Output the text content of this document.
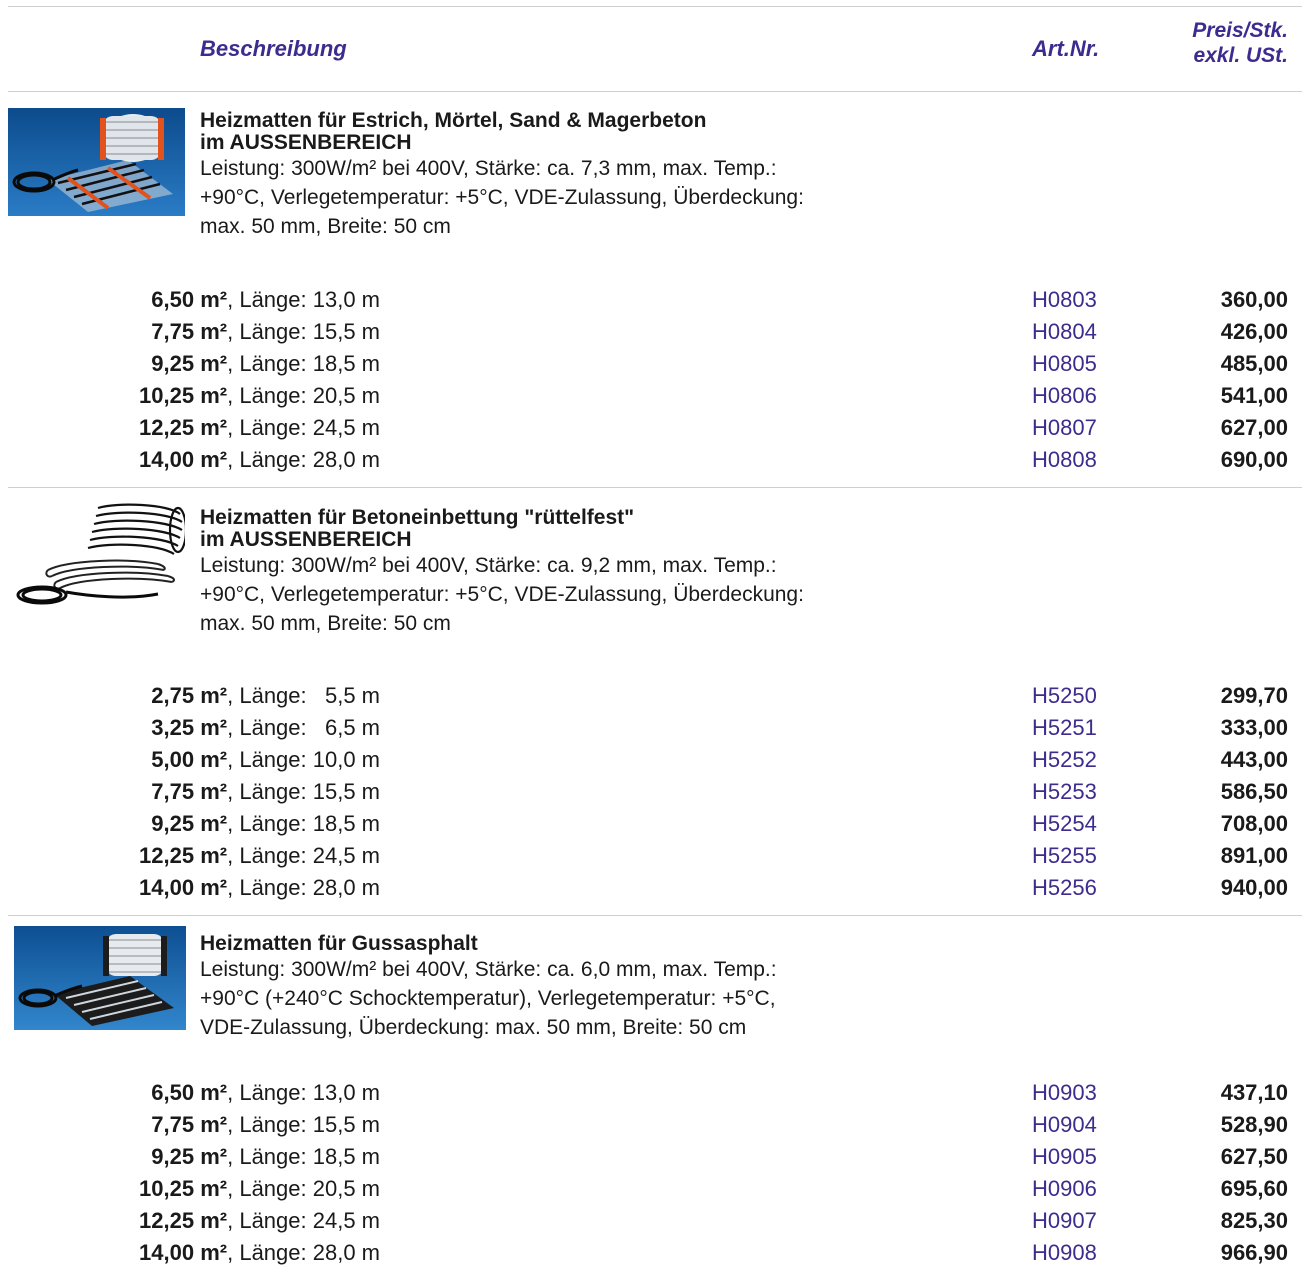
Beschreibung	Art.Nr.
Preis/Stk.
exkl. USt.
Heizmatten für Estrich, Mörtel, Sand & Magerbeton
im AUSSENBEREICH
Leistung: 300W/m² bei 400V, Stärke: ca. 7,3 mm, max. Temp.:
+90°C, Verlegetemperatur: +5°C, VDE-Zulassung, Überdeckung:
max. 50 mm, Breite: 50 cm
6,50 m², Länge: 13,0 m	H0803	360,00
7,75 m², Länge: 15,5 m	H0804	426,00
9,25 m², Länge: 18,5 m	H0805	485,00
10,25 m², Länge: 20,5 m	H0806	541,00
12,25 m², Länge: 24,5 m	H0807	627,00
14,00 m², Länge: 28,0 m	H0808	690,00
Heizmatten für Betoneinbettung "rüttelfest"
im AUSSENBEREICH
Leistung: 300W/m² bei 400V, Stärke: ca. 9,2 mm, max. Temp.:
+90°C, Verlegetemperatur: +5°C, VDE-Zulassung, Überdeckung:
max. 50 mm, Breite: 50 cm
2,75 m², Länge:   5,5 m	H5250	299,70
3,25 m², Länge:   6,5 m	H5251	333,00
5,00 m², Länge: 10,0 m	H5252	443,00
7,75 m², Länge: 15,5 m	H5253	586,50
9,25 m², Länge: 18,5 m	H5254	708,00
12,25 m², Länge: 24,5 m	H5255	891,00
14,00 m², Länge: 28,0 m	H5256	940,00
Heizmatten für Gussasphalt
Leistung: 300W/m² bei 400V, Stärke: ca. 6,0 mm, max. Temp.:
+90°C (+240°C Schocktemperatur), Verlegetemperatur: +5°C,
VDE-Zulassung, Überdeckung: max. 50 mm, Breite: 50 cm
6,50 m², Länge: 13,0 m	H0903	437,10
7,75 m², Länge: 15,5 m	H0904	528,90
9,25 m², Länge: 18,5 m	H0905	627,50
10,25 m², Länge: 20,5 m	H0906	695,60
12,25 m², Länge: 24,5 m	H0907	825,30
14,00 m², Länge: 28,0 m	H0908	966,90
